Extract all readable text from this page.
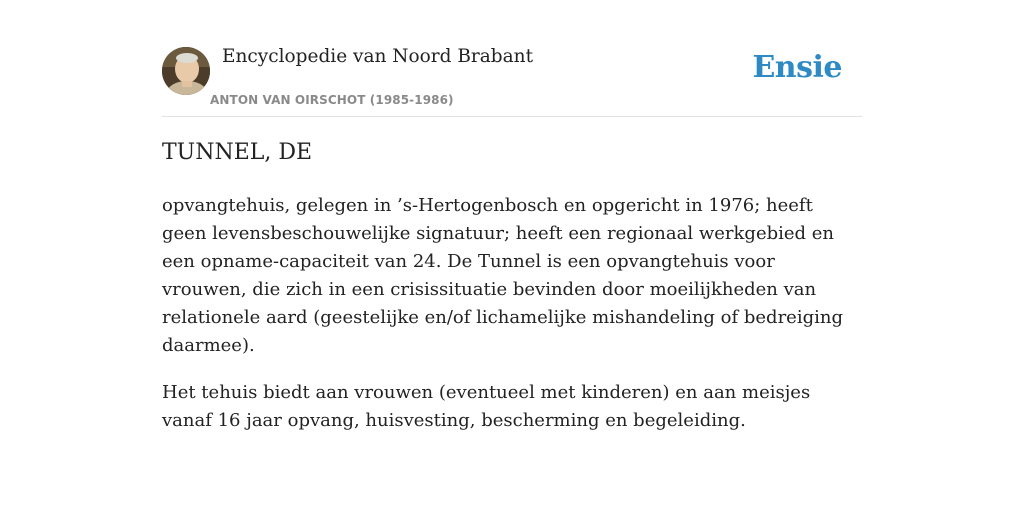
Encyclopedie van Noord Brabant
ANTON VAN OIRSCHOT (1985-1986)
Ensie
TUNNEL, DE

opvangtehuis, gelegen in ’s-Hertogenbosch en opgericht in 1976; heeft geen levensbeschouwelijke signatuur; heeft een regionaal werkgebied en een opname-capaciteit van 24. De Tunnel is een opvangtehuis voor vrouwen, die zich in een crisissituatie bevinden door moeilijkheden van relationele aard (geestelijke en/of lichamelijke mishandeling of bedreiging daarmee).

Het tehuis biedt aan vrouwen (eventueel met kinderen) en aan meisjes vanaf 16 jaar opvang, huisvesting, bescherming en begeleiding.
